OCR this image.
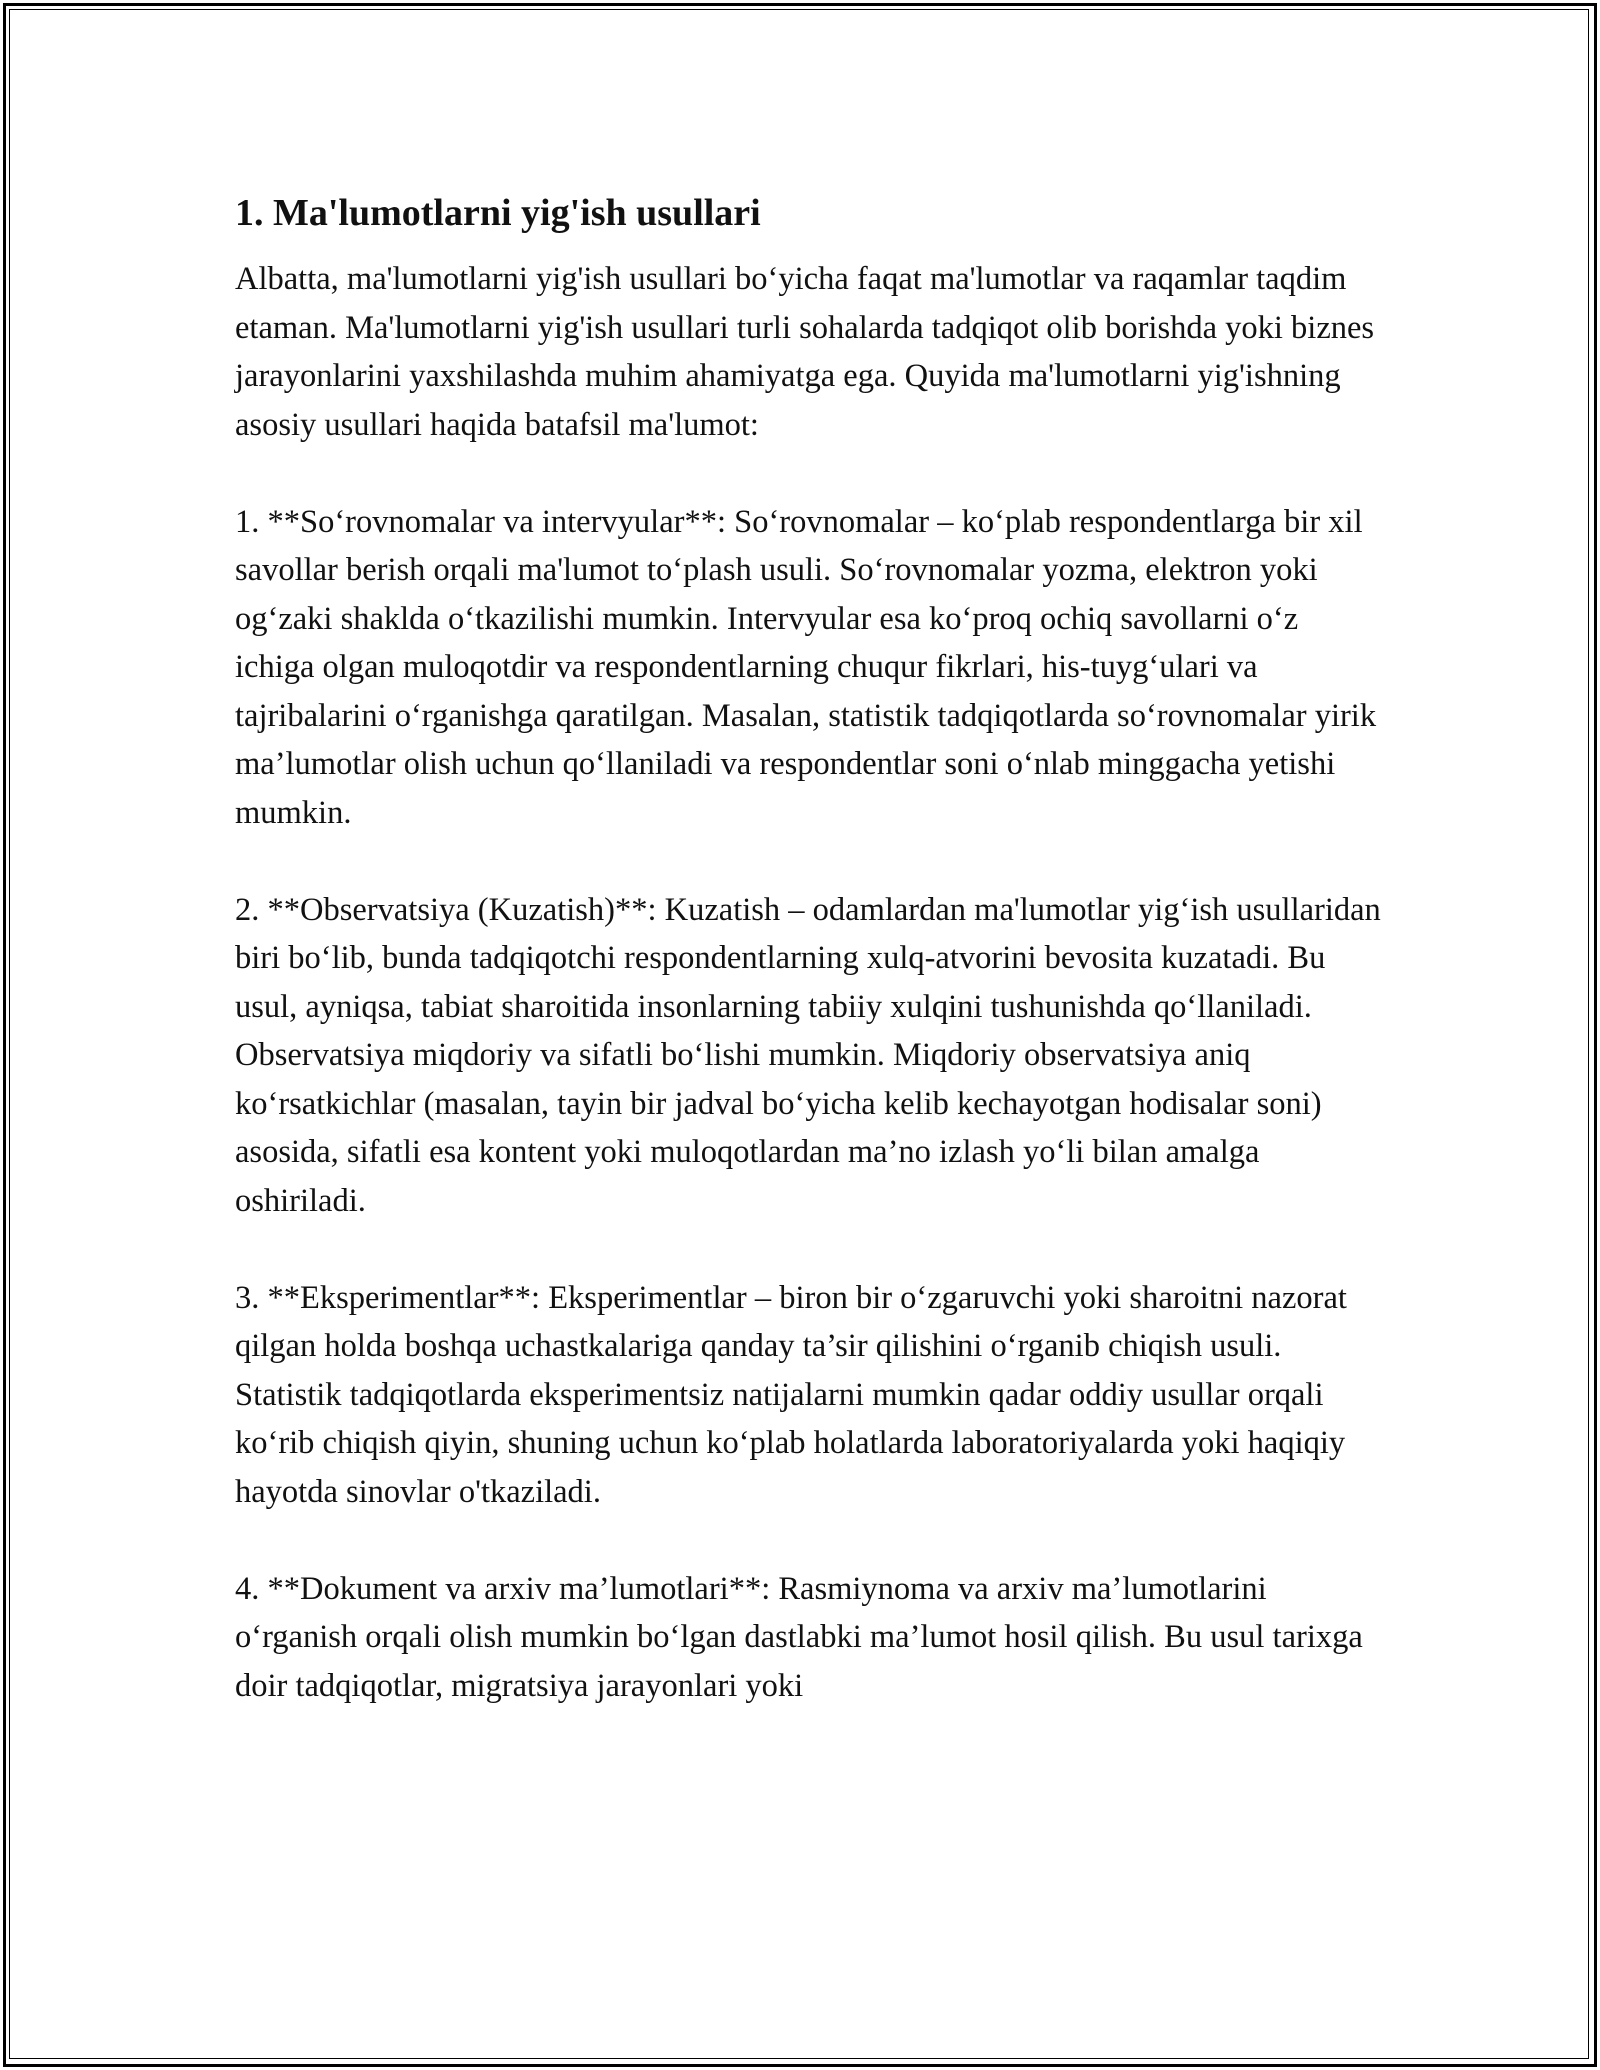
1. Ma'lumotlarni yig'ish usullari

Albatta, ma'lumotlarni yig'ish usullari bo‘yicha faqat ma'lumotlar va raqamlar taqdim etaman. Ma'lumotlarni yig'ish usullari turli sohalarda tadqiqot olib borishda yoki biznes jarayonlarini yaxshilashda muhim ahamiyatga ega. Quyida ma'lumotlarni yig'ishning asosiy usullari haqida batafsil ma'lumot:

1. **So‘rovnomalar va intervyular**: So‘rovnomalar – ko‘plab respondentlarga bir xil savollar berish orqali ma'lumot to‘plash usuli. So‘rovnomalar yozma, elektron yoki og‘zaki shaklda o‘tkazilishi mumkin. Intervyular esa ko‘proq ochiq savollarni o‘z ichiga olgan muloqotdir va respondentlarning chuqur fikrlari, his-tuyg‘ulari va tajribalarini o‘rganishga qaratilgan. Masalan, statistik tadqiqotlarda so‘rovnomalar yirik ma’lumotlar olish uchun qo‘llaniladi va respondentlar soni o‘nlab minggacha yetishi mumkin.

2. **Observatsiya (Kuzatish)**: Kuzatish – odamlardan ma'lumotlar yig‘ish usullaridan biri bo‘lib, bunda tadqiqotchi respondentlarning xulq-atvorini bevosita kuzatadi. Bu usul, ayniqsa, tabiat sharoitida insonlarning tabiiy xulqini tushunishda qo‘llaniladi. Observatsiya miqdoriy va sifatli bo‘lishi mumkin. Miqdoriy observatsiya aniq ko‘rsatkichlar (masalan, tayin bir jadval bo‘yicha kelib kechayotgan hodisalar soni) asosida, sifatli esa kontent yoki muloqotlardan ma’no izlash yo‘li bilan amalga oshiriladi.

3. **Eksperimentlar**: Eksperimentlar – biron bir o‘zgaruvchi yoki sharoitni nazorat qilgan holda boshqa uchastkalariga qanday ta’sir qilishini o‘rganib chiqish usuli. Statistik tadqiqotlarda eksperimentsiz natijalarni mumkin qadar oddiy usullar orqali ko‘rib chiqish qiyin, shuning uchun ko‘plab holatlarda laboratoriyalarda yoki haqiqiy hayotda sinovlar o'tkaziladi.

4. **Dokument va arxiv ma’lumotlari**: Rasmiynoma va arxiv ma’lumotlarini o‘rganish orqali olish mumkin bo‘lgan dastlabki ma’lumot hosil qilish. Bu usul tarixga doir tadqiqotlar, migratsiya jarayonlari yoki
